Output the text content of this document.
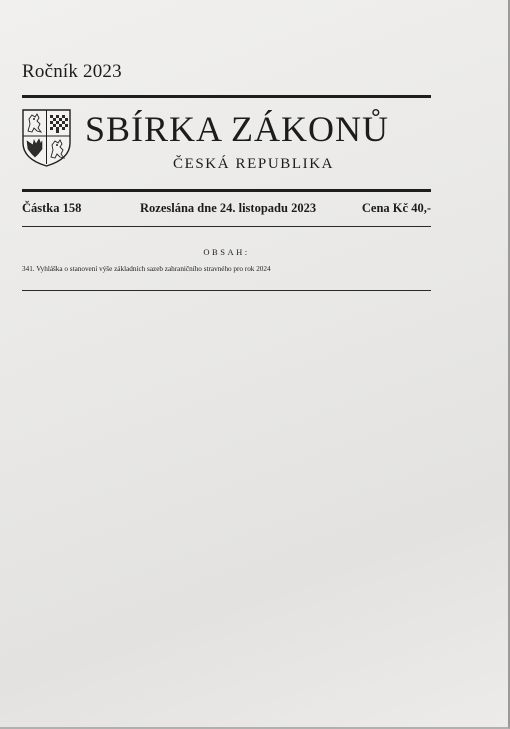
Ročník 2023
SBÍRKA ZÁKONŮ
ČESKÁ REPUBLIKA
Částka 158	Rozeslána dne 24. listopadu 2023	Cena Kč 40,-
OBSAH:
341. Vyhláška o stanovení výše základních sazeb zahraničního stravného pro rok 2024
